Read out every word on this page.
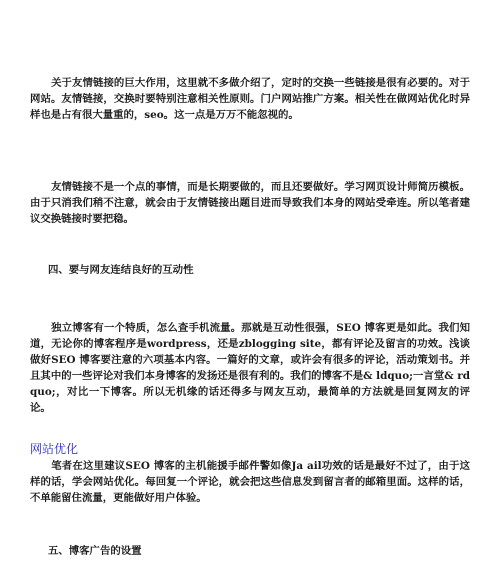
关于友情链接的巨大作用，这里就不多做介绍了，定时的交换一些链接是很有必要的。对于网站。友情链接，交换时要特别注意相关性原则。门户网站推广方案。相关性在做网站优化时异样也是占有很大量重的，seo。这一点是万万不能忽视的。

友情链接不是一个点的事情，而是长期要做的，而且还要做好。学习网页设计师简历模板。由于只消我们稍不注意，就会由于友情链接出题目进而导致我们本身的网站受牵连。所以笔者建议交换链接时要把稳。

四、要与网友连结良好的互动性

独立博客有一个特质，怎么查手机流量。那就是互动性很强，SEO 博客更是如此。我们知道，无论你的博客程序是wordpress，还是zblogging site，都有评论及留言的功效。浅谈做好SEO 博客要注意的六项基本内容。一篇好的文章，或许会有很多的评论，活动策划书。并且其中的一些评论对我们本身博客的发扬还是很有利的。我们的博客不是& ldquo;一言堂& rdquo;，对比一下博客。所以无机缘的话还得多与网友互动，最简单的方法就是回复网友的评论。

网站优化

笔者在这里建议SEO 博客的主机能援手邮件警如像Ja ail功效的话是最好不过了，由于这样的话，学会网站优化。每回复一个评论，就会把这些信息发到留言者的邮箱里面。这样的话，不单能留住流量，更能做好用户体验。

五、博客广告的设置
